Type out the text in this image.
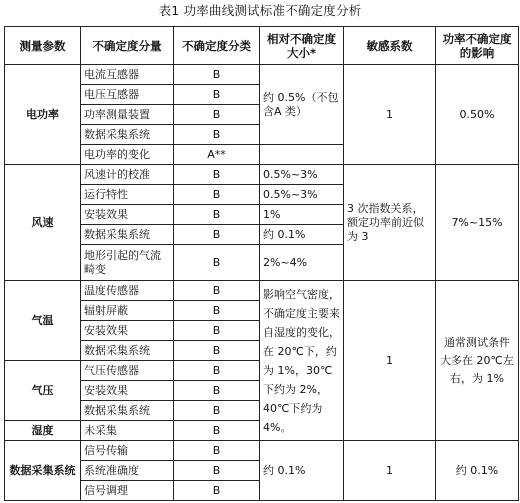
表1 功率曲线测试标准不确定度分析
测量参数	不确定度分量	不确定度分类	相对不确定度大小*	敏感系数	功率不确定度的影响
电功率	电流互感器	B	约 0.5%（不包含A 类）	1	0.50%
	电压互感器	B			
	功率测量装置	B			
	数据采集系统	B			
	电功率的变化	A**			
风速	风速计的校准	B	0.5%~3%	3 次指数关系，额定功率前近似为 3	7%~15%
	运行特性	B	0.5%~3%		
	安装效果	B	1%		
	数据采集系统	B	约 0.1%		
	地形引起的气流畸变	B	2%~4%		
气温	温度传感器	B	影响空气密度，不确定度主要来自湿度的变化，在 20℃下，约为 1%，30℃下约为 2%，40℃下约为 4%。	1	通常测试条件大多在 20℃左右，为 1%
	辐射屏蔽	B			
	安装效果	B			
	数据采集系统	B			
气压	气压传感器	B			
	安装效果	B			
	数据采集系统	B			
湿度	未采集	B			
数据采集系统	信号传输	B	约 0.1%	1	约 0.1%
	系统准确度	B			
	信号调理	B			
